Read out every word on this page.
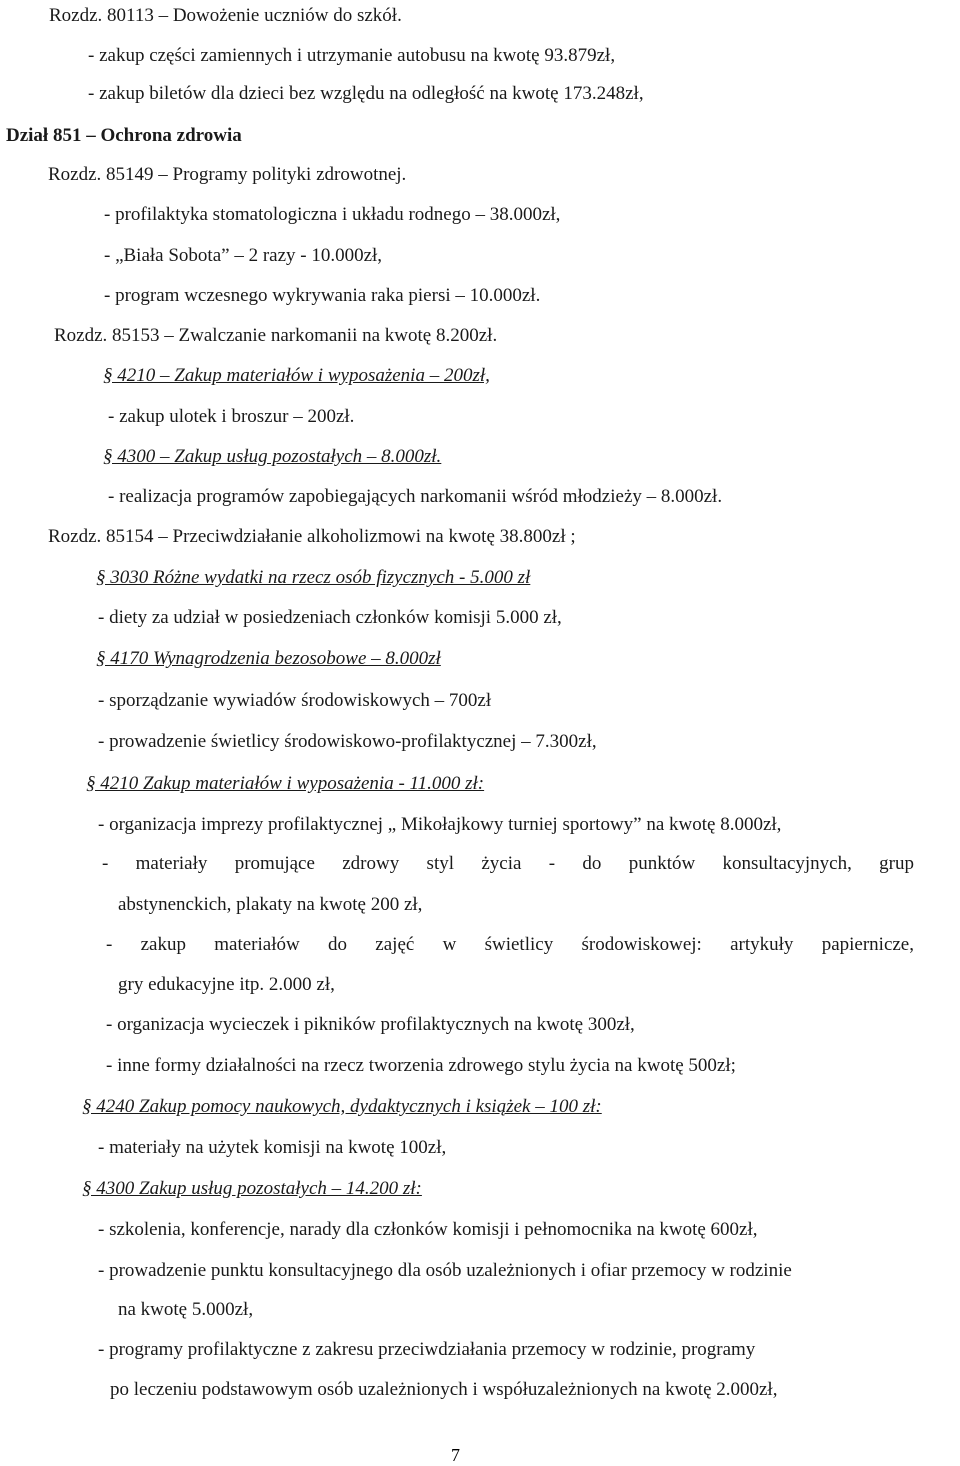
Rozdz. 80113 – Dowożenie uczniów do szkół.
- zakup części zamiennych i utrzymanie autobusu na kwotę 93.879zł,
- zakup biletów dla dzieci bez względu na odległość na kwotę 173.248zł,
Dział 851 – Ochrona zdrowia
Rozdz. 85149 – Programy polityki zdrowotnej.
- profilaktyka stomatologiczna i układu rodnego – 38.000zł,
- „Biała Sobota” – 2 razy - 10.000zł,
- program wczesnego wykrywania raka piersi – 10.000zł.
Rozdz. 85153 – Zwalczanie narkomanii na kwotę 8.200zł.
§ 4210 – Zakup materiałów i wyposażenia – 200zł,
- zakup ulotek i broszur – 200zł.
§ 4300 – Zakup usług pozostałych – 8.000zł.
- realizacja programów zapobiegających narkomanii wśród młodzieży – 8.000zł.
Rozdz. 85154 – Przeciwdziałanie alkoholizmowi na kwotę 38.800zł ;
§ 3030 Różne wydatki na rzecz osób fizycznych - 5.000 zł
- diety za udział w posiedzeniach członków komisji 5.000 zł,
§ 4170 Wynagrodzenia bezosobowe – 8.000zł
- sporządzanie wywiadów środowiskowych – 700zł
- prowadzenie świetlicy środowiskowo-profilaktycznej – 7.300zł,
§ 4210 Zakup materiałów i wyposażenia - 11.000 zł:
- organizacja imprezy profilaktycznej „ Mikołajkowy turniej sportowy” na kwotę 8.000zł,
- materiały promujące zdrowy styl życia - do punktów konsultacyjnych, grup
abstynenckich, plakaty na kwotę 200 zł,
- zakup materiałów do zajęć w świetlicy środowiskowej: artykuły papiernicze,
gry edukacyjne itp. 2.000 zł,
- organizacja wycieczek i pikników profilaktycznych na kwotę 300zł,
- inne formy działalności na rzecz tworzenia zdrowego stylu życia na kwotę 500zł;
§ 4240 Zakup pomocy naukowych, dydaktycznych i książek – 100 zł:
- materiały na użytek komisji na kwotę 100zł,
§ 4300 Zakup usług pozostałych – 14.200 zł:
- szkolenia, konferencje, narady dla członków komisji i pełnomocnika na kwotę 600zł,
- prowadzenie punktu konsultacyjnego dla osób uzależnionych i ofiar przemocy w rodzinie
na kwotę 5.000zł,
- programy profilaktyczne z zakresu przeciwdziałania przemocy w rodzinie, programy
po leczeniu podstawowym osób uzależnionych i współuzależnionych na kwotę 2.000zł,
7
